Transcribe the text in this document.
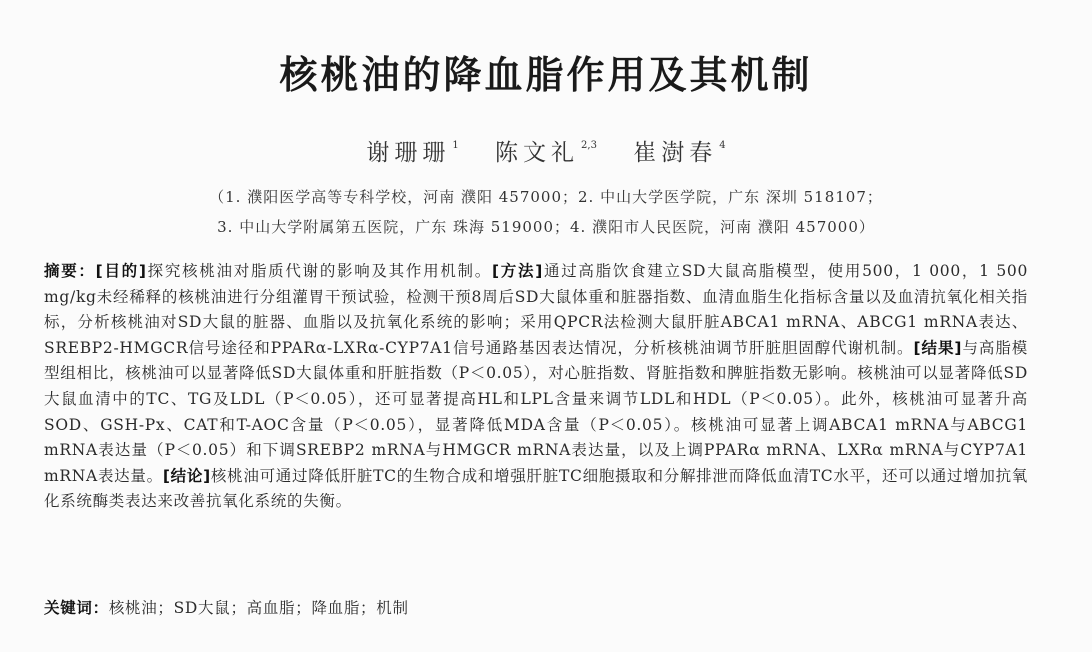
核桃油的降血脂作用及其机制
谢珊珊 $^1$ 陈文礼 $^{2,3}$ 崔澍春 $^4$
（1. 濮阳医学高等专科学校，河南 濮阳 457000；2. 中山大学医学院，广东 深圳 518107；
3. 中山大学附属第五医院，广东 珠海 519000；4. 濮阳市人民医院，河南 濮阳 457000）
摘要：[目的]探究核桃油对脂质代谢的影响及其作用机制。[方法]通过高脂饮食建立SD大鼠高脂模型，使用500，1 000，1 500 mg/kg未经稀释的核桃油进行分组灌胃干预试验，检测干预8周后SD大鼠体重和脏器指数、血清血脂生化指标含量以及血清抗氧化相关指标，分析核桃油对SD大鼠的脏器、血脂以及抗氧化系统的影响；采用QPCR法检测大鼠肝脏ABCA1 mRNA、ABCG1 mRNA表达、SREBP2-HMGCR信号途径和PPARα-LXRα-CYP7A1信号通路基因表达情况，分析核桃油调节肝脏胆固醇代谢机制。[结果]与高脂模型组相比，核桃油可以显著降低SD大鼠体重和肝脏指数（P＜0.05），对心脏指数、肾脏指数和脾脏指数无影响。核桃油可以显著降低SD大鼠血清中的TC、TG及LDL（P＜0.05），还可显著提高HL和LPL含量来调节LDL和HDL（P＜0.05）。此外，核桃油可显著升高SOD、GSH-Px、CAT和T-AOC含量（P＜0.05），显著降低MDA含量（P＜0.05）。核桃油可显著上调ABCA1 mRNA与ABCG1 mRNA表达量（P＜0.05）和下调SREBP2 mRNA与HMGCR mRNA表达量，以及上调PPARα mRNA、LXRα mRNA与CYP7A1 mRNA表达量。[结论]核桃油可通过降低肝脏TC的生物合成和增强肝脏TC细胞摄取和分解排泄而降低血清TC水平，还可以通过增加抗氧化系统酶类表达来改善抗氧化系统的失衡。
关键词：核桃油；SD大鼠；高血脂；降血脂；机制
